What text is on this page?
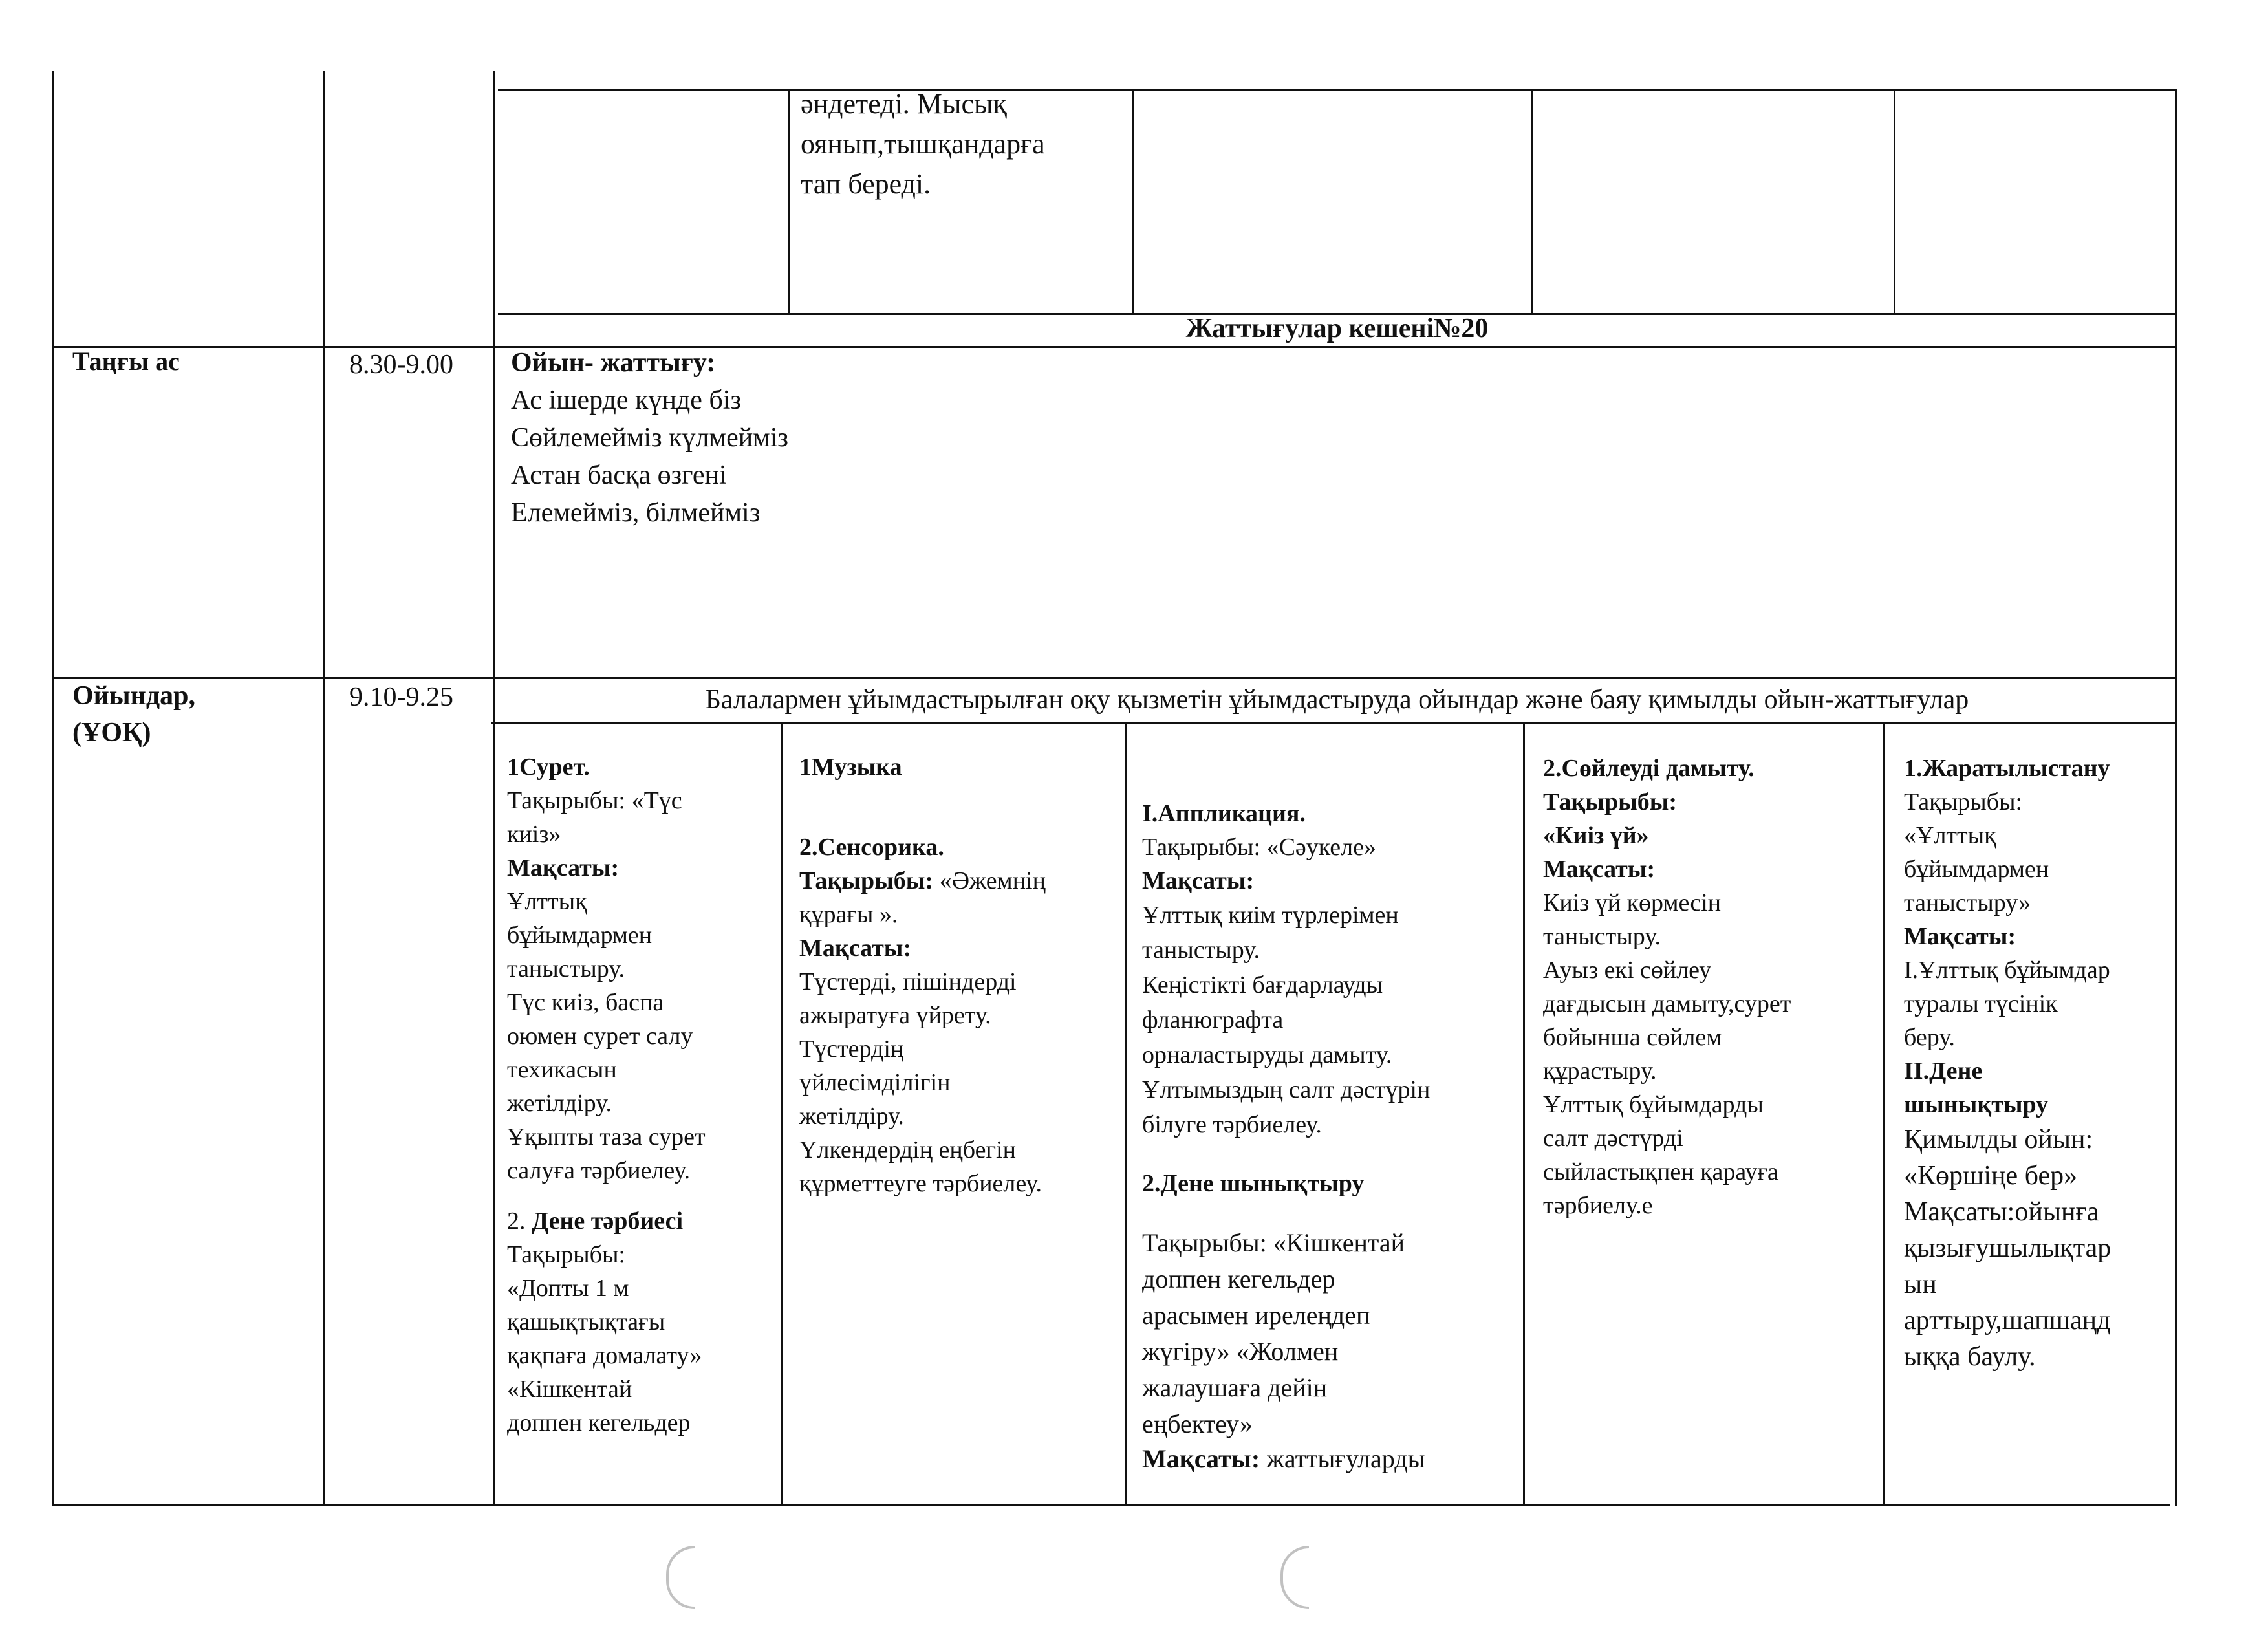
әндетеді. Мысық
оянып,тышқандарға
тап береді.
Жаттығулар кешені№20
Таңғы ас	8.30-9.00 Ойын- жаттығу:
Ас ішерде күнде біз
Сөйлемейміз күлмейміз
Астан басқа өзгені
Елемейміз, білмейміз
Ойындар,
(ҰОҚ)
9.10-9.25	Балалармен ұйымдастырылған оқу қызметін ұйымдастыруда ойындар және баяу қимылды ойын-жаттығулар
1Сурет.
Тақырыбы: «Түс
киіз»
Мақсаты:
Ұлттық
бұйымдармен
таныстыру.
Түс киіз, баспа
оюмен сурет салу
техикасын
жетілдіру.
Ұқыпты таза сурет
салуға тәрбиелеу.
2. Дене тәрбиесі
Тақырыбы:
«Допты 1 м
қашықтықтағы
қақпаға домалату»
«Кішкентай
доппен кегельдер
1Музыка
2.Сенсорика.
Тақырыбы: «Әжемнің
құрағы ».
Мақсаты:
Түстерді, пішіндерді
ажыратуға үйрету.
Түстердің
үйлесімділігін
жетілдіру.
Үлкендердің еңбегін
құрметтеуге тәрбиелеу.
І.Аппликация.
Тақырыбы: «Сәукеле»
Мақсаты:
Ұлттық киім түрлерімен
таныстыру.
Кеңістікті бағдарлауды
фланюграфта
орналастыруды дамыту.
Ұлтымыздың салт дәстүрін
білуге тәрбиелеу.
2.Дене шынықтыру
Тақырыбы: «Кішкентай
доппен кегельдер
арасымен ирелеңдеп
жүгіру» «Жолмен
жалаушаға дейін
еңбектеу»
Мақсаты: жаттығуларды
2.Сөйлеуді дамыту.
Тақырыбы:
«Киіз үй»
Мақсаты:
Киіз үй көрмесін
таныстыру.
Ауыз екі сөйлеу
дағдысын дамыту,сурет
бойынша сөйлем
құрастыру.
Ұлттық бұйымдарды
салт дәстүрді
сыйластықпен қарауға
тәрбиелу.е
1.Жаратылыстану
Тақырыбы:
«Ұлттық
бұйымдармен
таныстыру»
Мақсаты:
І.Ұлттық бұйымдар
туралы түсінік
беру.
ІІ.Дене
шынықтыру
Қимылды ойын:
«Көршіңе бер»
Мақсаты:ойынға
қызығушылықтар
ын
арттыру,шапшаңд
ыққа баулу.
